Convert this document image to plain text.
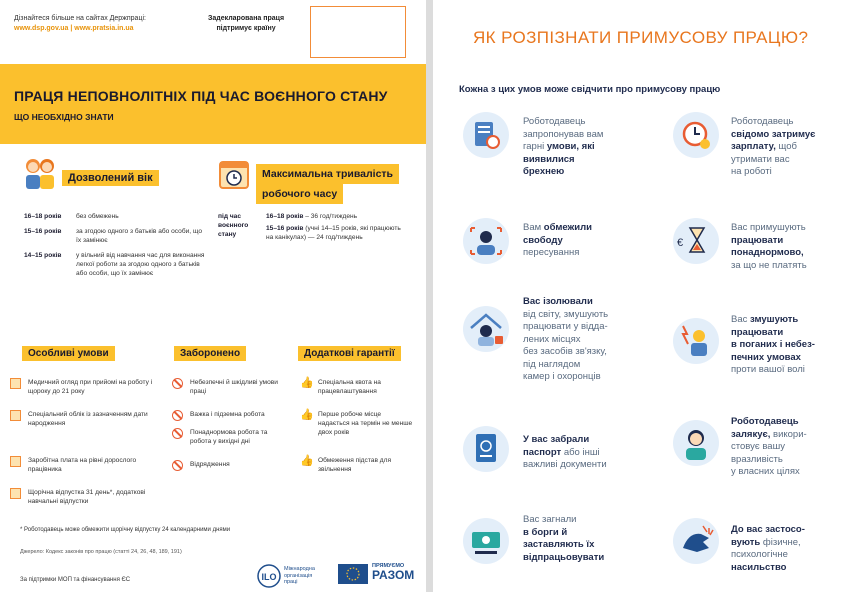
Дізнайтеся більше на сайтах Держпраці:
www.dsp.gov.ua | www.pratsia.in.ua
Задекларована праця
підтримує країну
ПРАЦЯ НЕПОВНОЛІТНІХ ПІД ЧАС ВОЄННОГО СТАНУ
ЩО НЕОБХІДНО ЗНАТИ
Дозволений вік
16–18 років	без обмежень
15–16 років	за згодою одного з батьків або особи, що їх замінює
14–15 років	у вільний від навчання час для виконання легкої роботи за згодою одного з батьків або особи, що їх замінює
Максимальна тривалість
робочого часу
під час
воєнного
стану
16–18 років – 36 год/тиждень
15–16 років (учні 14–15 років, які працюють на канікулах) — 24 год/тиждень
Особливі умови	Заборонено	Додаткові гарантії
Медичний огляд при прийомі на роботу і щороку до 21 року
Спеціальний облік із зазначенням дати народження
Заробітна плата на рівні дорослого працівника
Щорічна відпустка 31 день*, додаткові навчальні відпустки
Небезпечні й шкідливі умови праці
Важка і підземна робота
Понаднормова робота та робота у вихідні дні
Відрядження
👍 Спеціальна квота на працевлаштування
👍 Перше робоче місце надається на термін не менше двох років
👍 Обмеження підстав для звільнення
* Роботодавець може обмежити щорічну відпустку 24 календарними днями
Джерело: Кодекс законів про працю (статті 24, 26, 48, 189, 191)
За підтримки МОП та фінансування ЄС	ILO
Міжнародна організація праці
ПРЯМУЄМО
РАЗОМ
ЯК РОЗПІЗНАТИ ПРИМУСОВУ ПРАЦЮ?
Кожна з цих умов може свідчити про примусову працю
Роботодавець
запропонував вам
гарні умови, які
виявилися
брехнею
Роботодавець
свідомо затримує
зарплату, щоб
утримати вас
на роботі
Вам обмежили
свободу
пересування
€
Вас примушують
працювати
понаднормово,
за що не платять
Вас ізолювали
від світу, змушують
працювати у відда-
лених місцях
без засобів зв'язку,
під наглядом
камер і охоронців
Вас змушують
працювати
в поганих і небез-
печних умовах
проти вашої волі
У вас забрали
паспорт або інші
важливі документи
Роботодавець
залякує, викори-
стовує вашу
вразливість
у власних цілях
Вас загнали
в борги й
заставляють їх
відпрацьовувати
До вас застосо-
вують фізичне,
психологічне
насильство
